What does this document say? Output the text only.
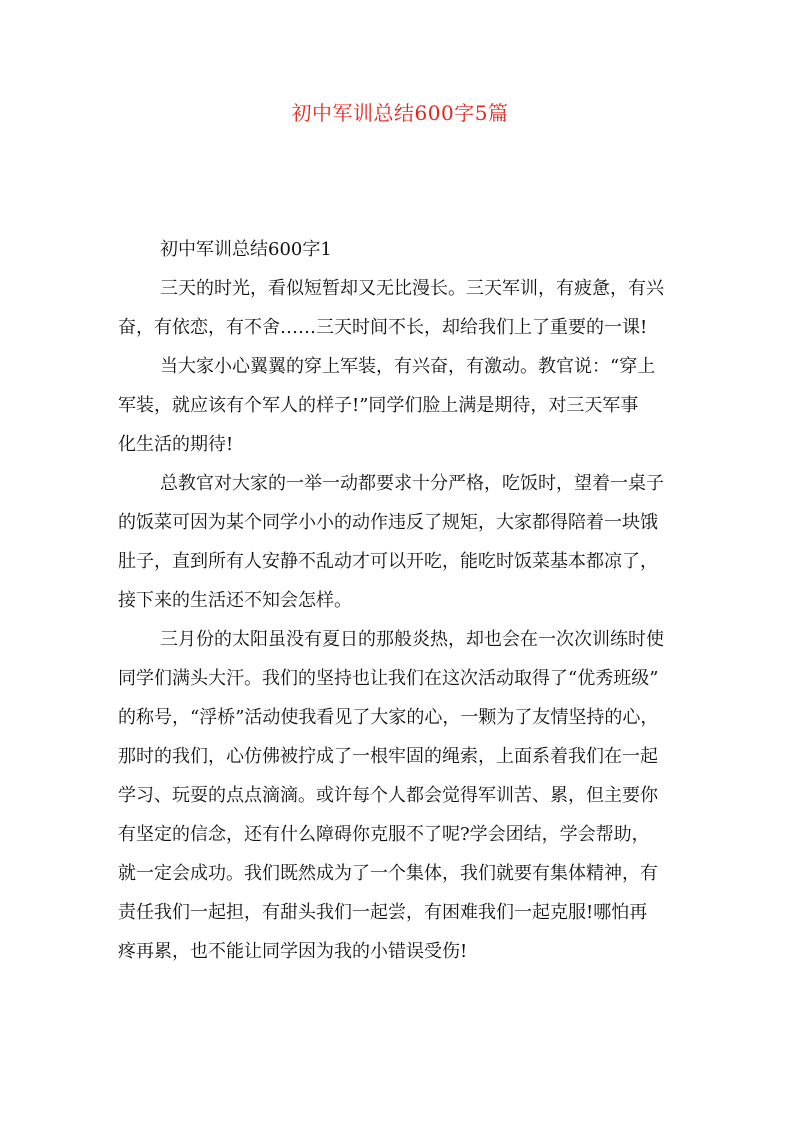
初中军训总结600字5篇
初中军训总结600字1
三天的时光，看似短暂却又无比漫长。三天军训，有疲惫，有兴
奋，有依恋，有不舍……三天时间不长，却给我们上了重要的一课!
当大家小心翼翼的穿上军装，有兴奋，有激动。教官说：“穿上
军装，就应该有个军人的样子!”同学们脸上满是期待，对三天军事
化生活的期待!
总教官对大家的一举一动都要求十分严格，吃饭时，望着一桌子
的饭菜可因为某个同学小小的动作违反了规矩，大家都得陪着一块饿
肚子，直到所有人安静不乱动才可以开吃，能吃时饭菜基本都凉了，
接下来的生活还不知会怎样。
三月份的太阳虽没有夏日的那般炎热，却也会在一次次训练时使
同学们满头大汗。我们的坚持也让我们在这次活动取得了“优秀班级”
的称号，“浮桥”活动使我看见了大家的心，一颗为了友情坚持的心，
那时的我们，心仿佛被拧成了一根牢固的绳索，上面系着我们在一起
学习、玩耍的点点滴滴。或许每个人都会觉得军训苦、累，但主要你
有坚定的信念，还有什么障碍你克服不了呢?学会团结，学会帮助，
就一定会成功。我们既然成为了一个集体，我们就要有集体精神，有
责任我们一起担，有甜头我们一起尝，有困难我们一起克服!哪怕再
疼再累，也不能让同学因为我的小错误受伤!
